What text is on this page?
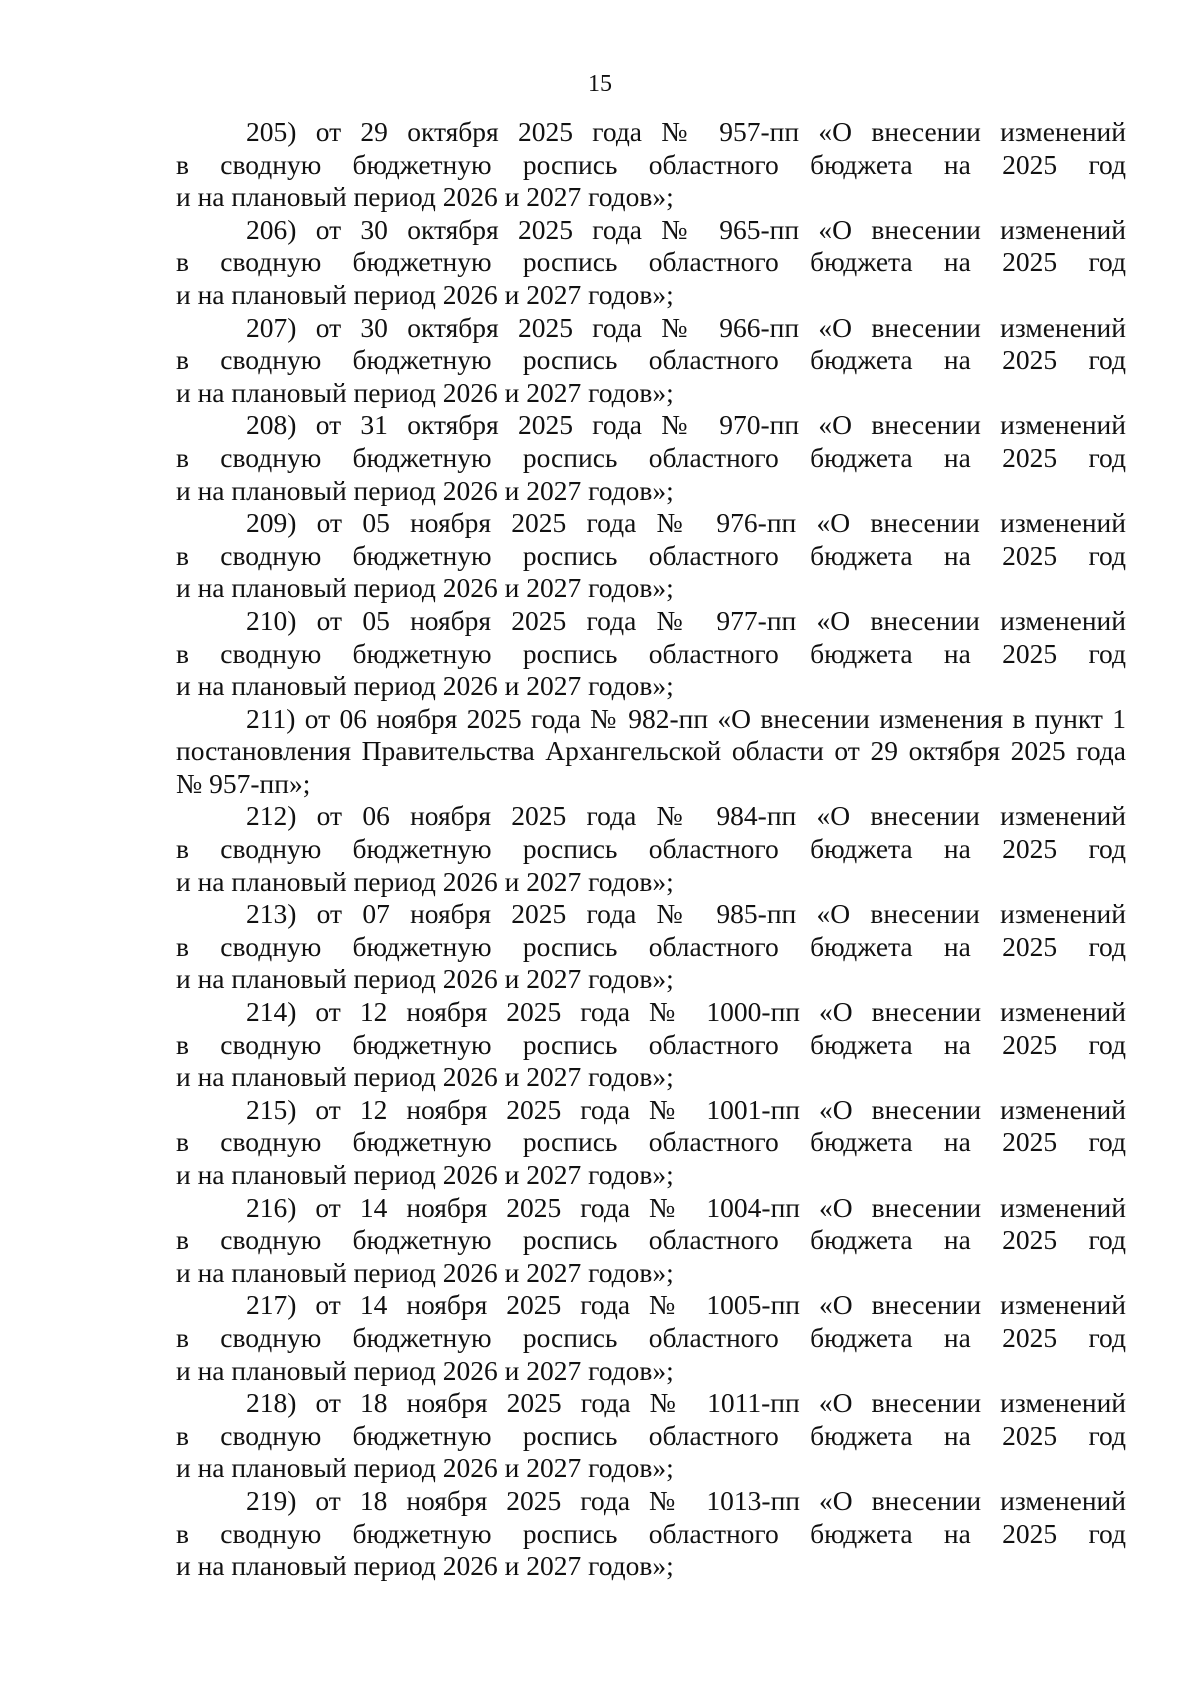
15

205) от 29 октября 2025 года № 957-пп «О внесении изменений
в сводную бюджетную роспись областного бюджета на 2025 год
и на плановый период 2026 и 2027 годов»;

206) от 30 октября 2025 года № 965-пп «О внесении изменений
в сводную бюджетную роспись областного бюджета на 2025 год
и на плановый период 2026 и 2027 годов»;

207) от 30 октября 2025 года № 966-пп «О внесении изменений
в сводную бюджетную роспись областного бюджета на 2025 год
и на плановый период 2026 и 2027 годов»;

208) от 31 октября 2025 года № 970-пп «О внесении изменений
в сводную бюджетную роспись областного бюджета на 2025 год
и на плановый период 2026 и 2027 годов»;

209) от 05 ноября 2025 года № 976-пп «О внесении изменений
в сводную бюджетную роспись областного бюджета на 2025 год
и на плановый период 2026 и 2027 годов»;

210) от 05 ноября 2025 года № 977-пп «О внесении изменений
в сводную бюджетную роспись областного бюджета на 2025 год
и на плановый период 2026 и 2027 годов»;

211) от 06 ноября 2025 года № 982-пп «О внесении изменения в пункт 1
постановления Правительства Архангельской области от 29 октября 2025 года
№ 957-пп»;

212) от 06 ноября 2025 года № 984-пп «О внесении изменений
в сводную бюджетную роспись областного бюджета на 2025 год
и на плановый период 2026 и 2027 годов»;

213) от 07 ноября 2025 года № 985-пп «О внесении изменений
в сводную бюджетную роспись областного бюджета на 2025 год
и на плановый период 2026 и 2027 годов»;

214) от 12 ноября 2025 года № 1000-пп «О внесении изменений
в сводную бюджетную роспись областного бюджета на 2025 год
и на плановый период 2026 и 2027 годов»;

215) от 12 ноября 2025 года № 1001-пп «О внесении изменений
в сводную бюджетную роспись областного бюджета на 2025 год
и на плановый период 2026 и 2027 годов»;

216) от 14 ноября 2025 года № 1004-пп «О внесении изменений
в сводную бюджетную роспись областного бюджета на 2025 год
и на плановый период 2026 и 2027 годов»;

217) от 14 ноября 2025 года № 1005-пп «О внесении изменений
в сводную бюджетную роспись областного бюджета на 2025 год
и на плановый период 2026 и 2027 годов»;

218) от 18 ноября 2025 года № 1011-пп «О внесении изменений
в сводную бюджетную роспись областного бюджета на 2025 год
и на плановый период 2026 и 2027 годов»;

219) от 18 ноября 2025 года № 1013-пп «О внесении изменений
в сводную бюджетную роспись областного бюджета на 2025 год
и на плановый период 2026 и 2027 годов»;
